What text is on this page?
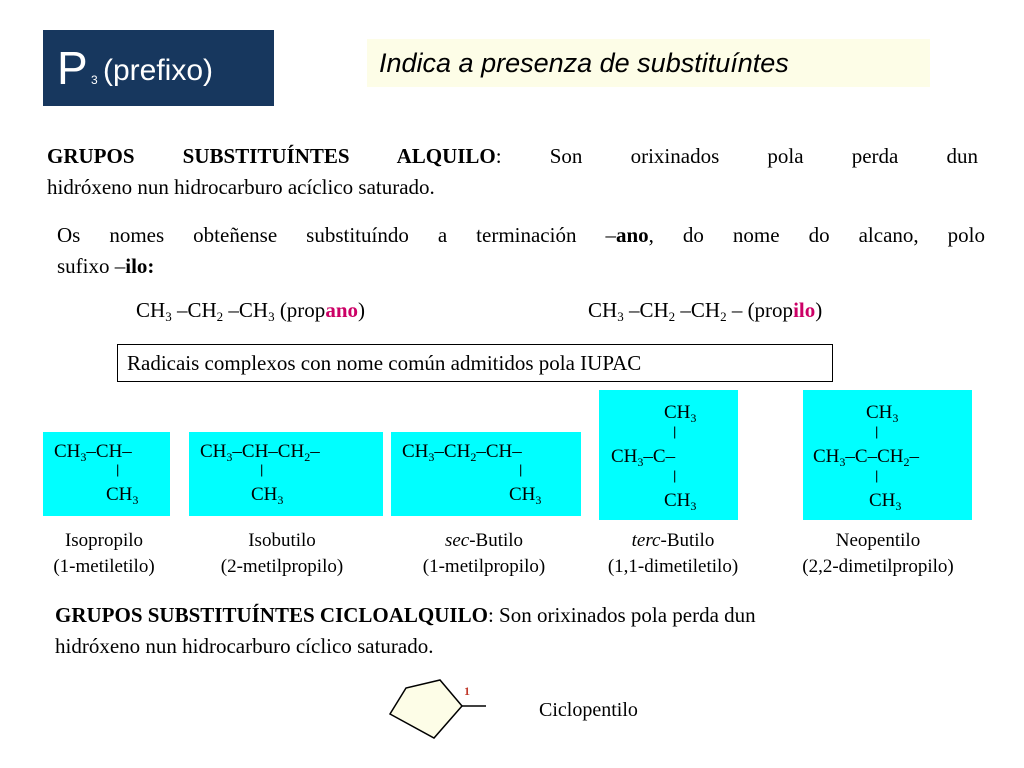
P 3 (prefixo)	Indica a presenza de substituíntes
GRUPOS SUBSTITUÍNTES ALQUILO: Son orixinados pola perda dun
hidróxeno nun hidrocarburo acíclico saturado.
Os nomes obteñense substituíndo a terminación –ano, do nome do alcano, polo
sufixo –ilo:
$CH_3$ $-CH_2$ $-CH_3$ (propano)	$CH_3$ $-CH_2$ $-CH_2$ – (propilo)
Radicais complexos con nome común admitidos pola IUPAC
$CH_3-CH-$
|
$CH_3$
$CH_3-CH-CH_2-$
|
$CH_3$
$CH_3-CH_2-CH-$
|
$CH_3$
$CH_3$
|
$CH_3-C-$
|
$CH_3$
$CH_3$
|
$CH_3-C-CH_2-$
|
$CH_3$
Isopropilo
(1-metiletilo)
Isobutilo
(2-metilpropilo)
sec-Butilo
(1-metilpropilo)
terc-Butilo
(1,1-dimetiletilo)
Neopentilo
(2,2-dimetilpropilo)
GRUPOS SUBSTITUÍNTES CICLOALQUILO: Son orixinados pola perda dun
hidróxeno nun hidrocarburo cíclico saturado.
1
Ciclopentilo
